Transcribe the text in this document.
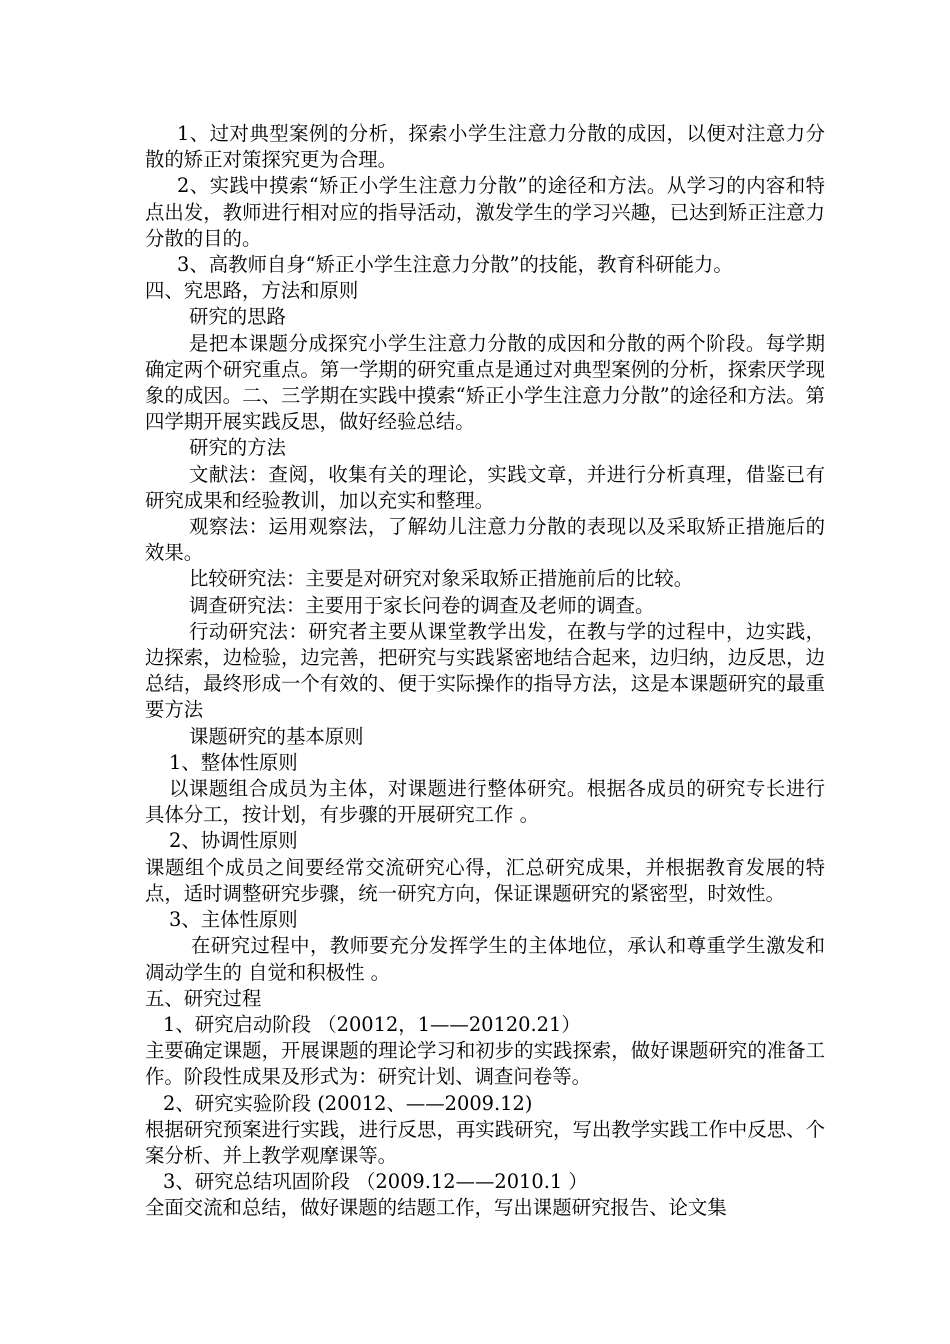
1、过对典型案例的分析，探索小学生注意力分散的成因，以便对注意力分散的矫正对策探究更为合理。

2、实践中摸索“矫正小学生注意力分散”的途径和方法。从学习的内容和特点出发，教师进行相对应的指导活动，激发学生的学习兴趣，已达到矫正注意力分散的目的。

3、高教师自身“矫正小学生注意力分散”的技能，教育科研能力。

四、究思路，方法和原则

研究的思路

是把本课题分成探究小学生注意力分散的成因和分散的两个阶段。每学期确定两个研究重点。第一学期的研究重点是通过对典型案例的分析，探索厌学现象的成因。二、三学期在实践中摸索“矫正小学生注意力分散”的途径和方法。第四学期开展实践反思，做好经验总结。

研究的方法

文献法：查阅，收集有关的理论，实践文章，并进行分析真理，借鉴已有研究成果和经验教训，加以充实和整理。

观察法：运用观察法，了解幼儿注意力分散的表现以及采取矫正措施后的效果。

比较研究法：主要是对研究对象采取矫正措施前后的比较。

调查研究法：主要用于家长问卷的调查及老师的调查。

行动研究法：研究者主要从课堂教学出发，在教与学的过程中，边实践，边探索，边检验，边完善，把研究与实践紧密地结合起来，边归纳，边反思，边总结，最终形成一个有效的、便于实际操作的指导方法，这是本课题研究的最重要方法

课题研究的基本原则

1、整体性原则

以课题组合成员为主体，对课题进行整体研究。根据各成员的研究专长进行具体分工，按计划，有步骤的开展研究工作 。

2、协调性原则

课题组个成员之间要经常交流研究心得，汇总研究成果，并根据教育发展的特点，适时调整研究步骤，统一研究方向，保证课题研究的紧密型，时效性。

3、主体性原则

在研究过程中，教师要充分发挥学生的主体地位，承认和尊重学生激发和凋动学生的 自觉和积极性 。

五、研究过程

1、研究启动阶段 （20012，1——20120.21）

主要确定课题，开展课题的理论学习和初步的实践探索，做好课题研究的准备工作。阶段性成果及形式为：研究计划、调查问卷等。

2、研究实验阶段 (20012、——2009.12)

根据研究预案进行实践，进行反思，再实践研究，写出教学实践工作中反思、个案分析、并上教学观摩课等。

3、研究总结巩固阶段 （2009.12——2010.1 ）

全面交流和总结，做好课题的结题工作，写出课题研究报告、论文集
